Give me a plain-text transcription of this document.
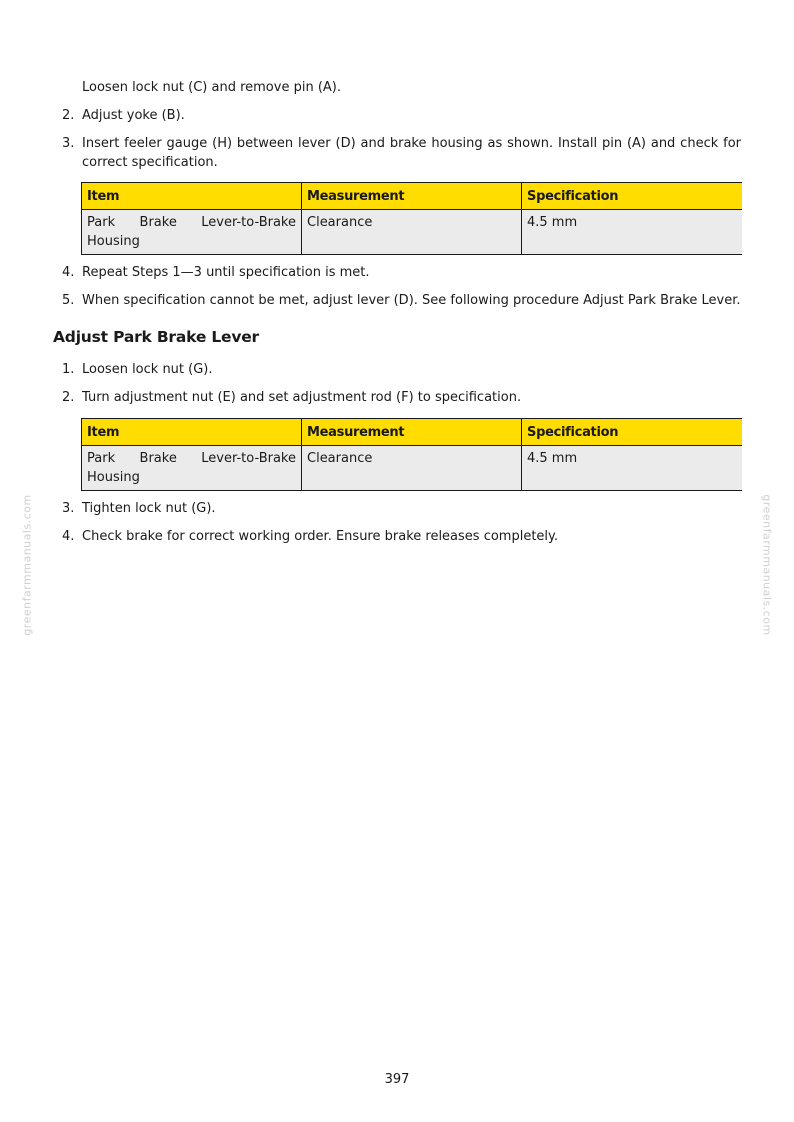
Loosen lock nut (C) and remove pin (A).
2. Adjust yoke (B).
3. Insert feeler gauge (H) between lever (D) and brake housing as shown. Install pin (A) and check for correct specification.
Item	Measurement	Specification
Park Brake Lever-to-Brake Housing	Clearance	4.5 mm
4. Repeat Steps 1—3 until specification is met.
5. When specification cannot be met, adjust lever (D). See following procedure Adjust Park Brake Lever.
Adjust Park Brake Lever
1. Loosen lock nut (G).
2. Turn adjustment nut (E) and set adjustment rod (F) to specification.
Item	Measurement	Specification
Park Brake Lever-to-Brake Housing	Clearance	4.5 mm
3. Tighten lock nut (G).
4. Check brake for correct working order. Ensure brake releases completely.
greenfarmmanuals.com	greenfarmmanuals.com
397
